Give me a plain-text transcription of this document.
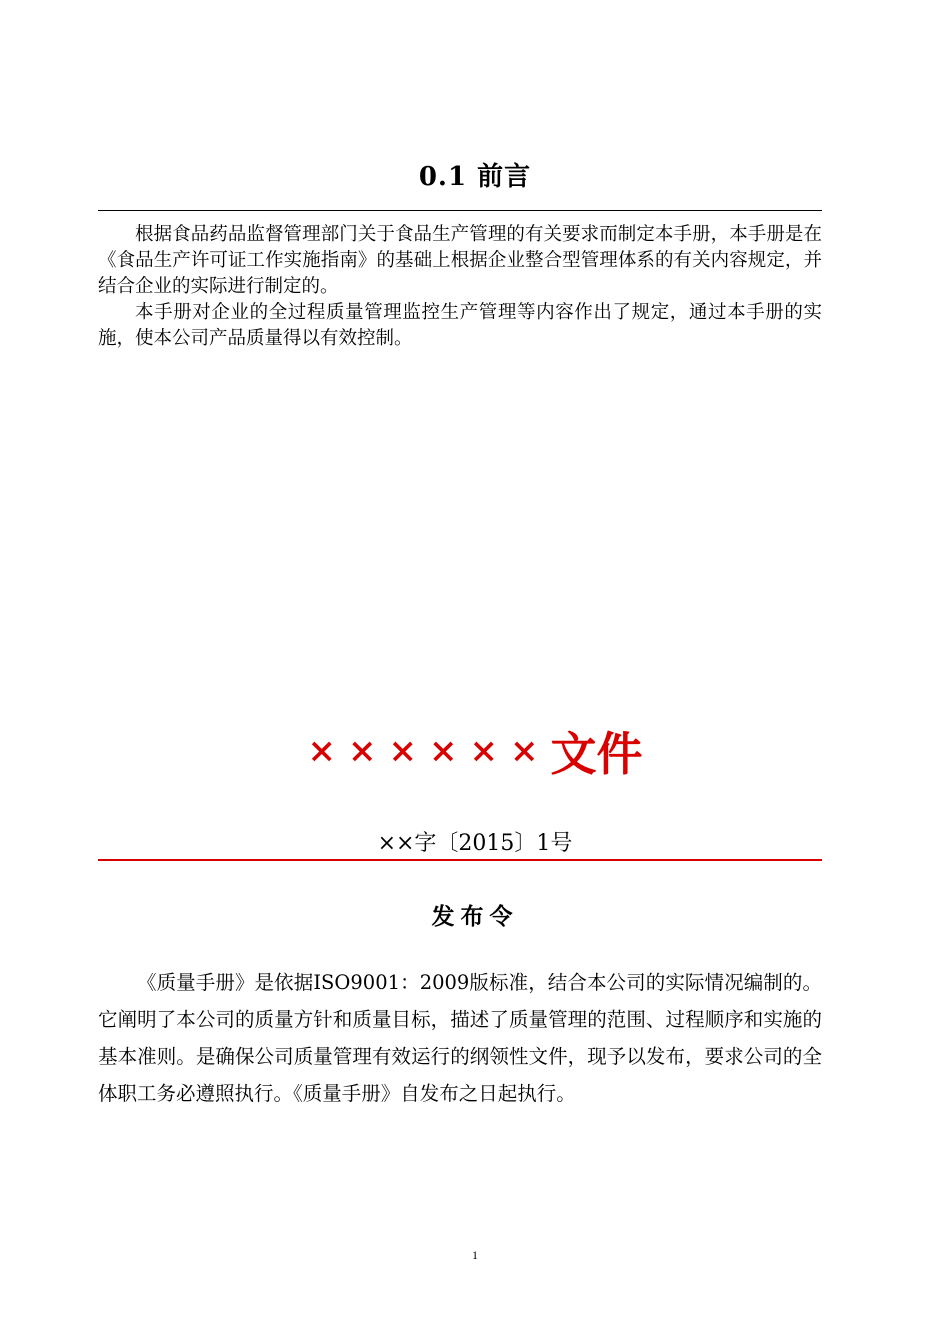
0.1 前言

根据食品药品监督管理部门关于食品生产管理的有关要求而制定本手册，本手册是在《食品生产许可证工作实施指南》的基础上根据企业整合型管理体系的有关内容规定，并结合企业的实际进行制定的。

本手册对企业的全过程质量管理监控生产管理等内容作出了规定，通过本手册的实施，使本公司产品质量得以有效控制。

××××××文件
××字〔2015〕1号
发布令

《质量手册》是依据ISO9001：2009版标准，结合本公司的实际情况编制的。它阐明了本公司的质量方针和质量目标，描述了质量管理的范围、过程顺序和实施的基本准则。是确保公司质量管理有效运行的纲领性文件，现予以发布，要求公司的全体职工务必遵照执行。《质量手册》自发布之日起执行。

1
